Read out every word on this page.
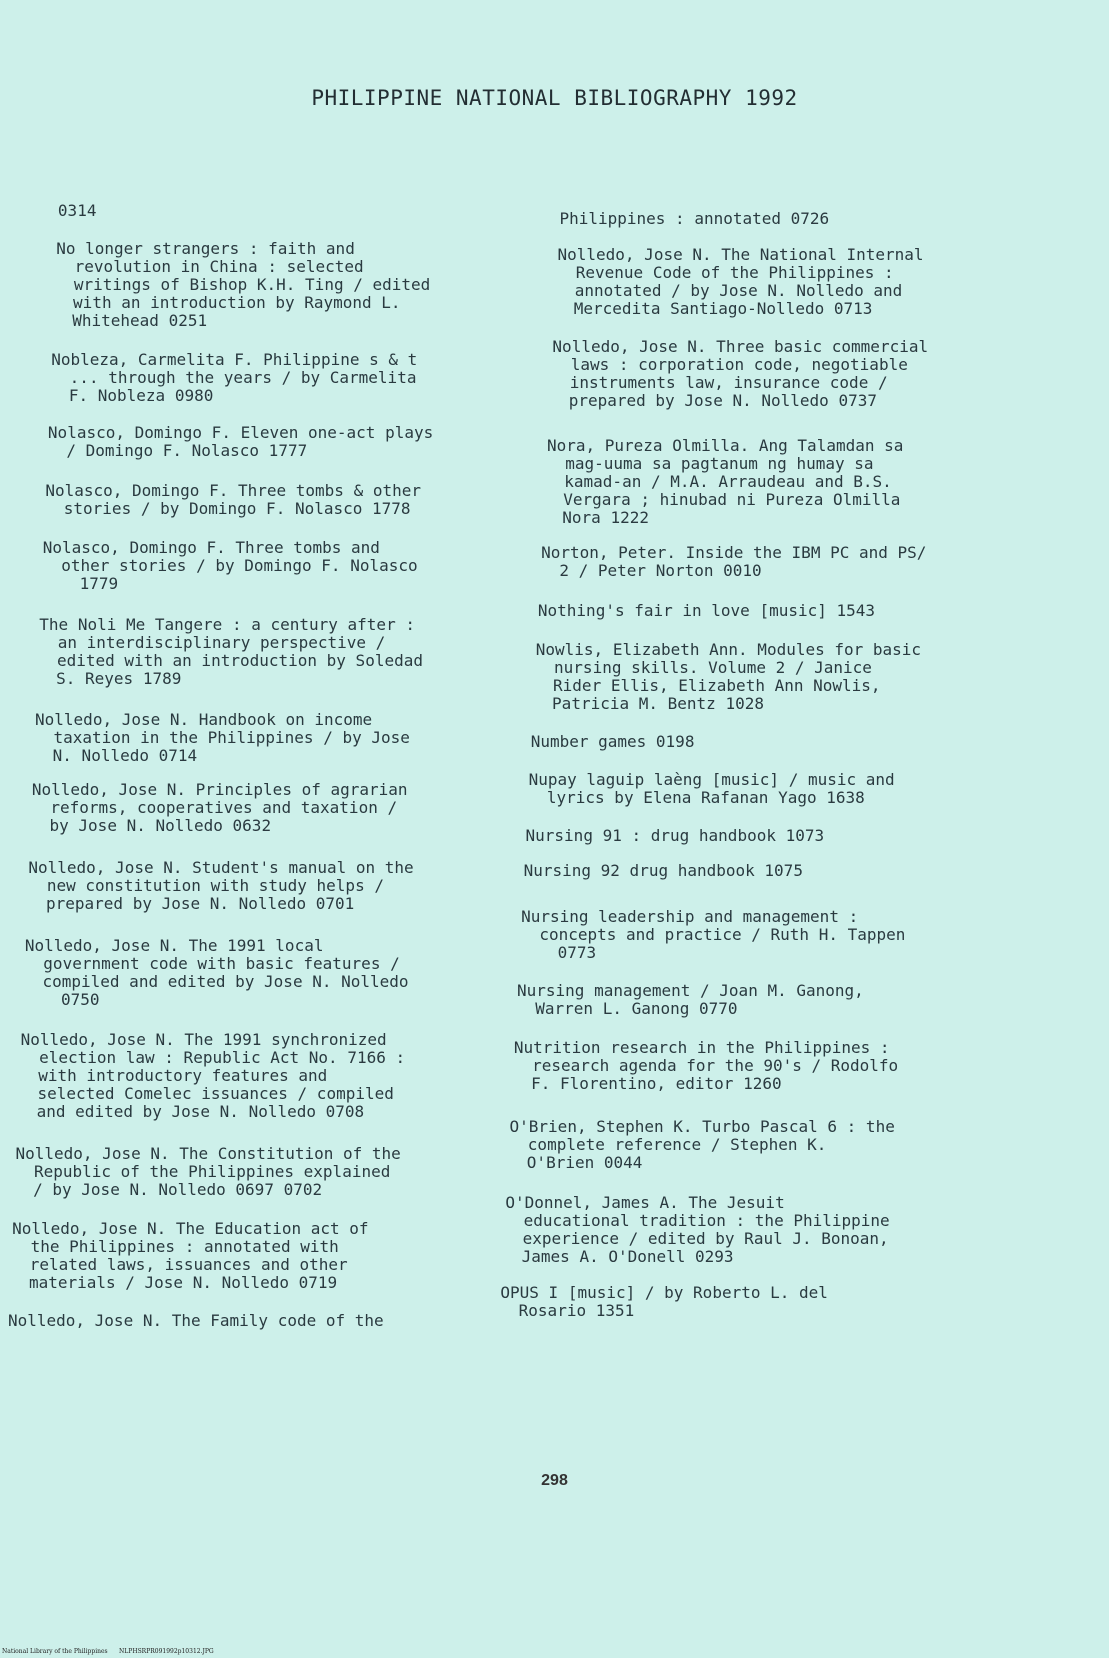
PHILIPPINE NATIONAL BIBLIOGRAPHY 1992
0314
No longer strangers : faith and
revolution in China : selected
writings of Bishop K.H. Ting / edited
with an introduction by Raymond L.
Whitehead 0251
Nobleza, Carmelita F. Philippine s & t
... through the years / by Carmelita
F. Nobleza 0980
Nolasco, Domingo F. Eleven one-act plays
/ Domingo F. Nolasco 1777
Nolasco, Domingo F. Three tombs & other
stories / by Domingo F. Nolasco 1778
Nolasco, Domingo F. Three tombs and
other stories / by Domingo F. Nolasco
1779
The Noli Me Tangere : a century after :
an interdisciplinary perspective /
edited with an introduction by Soledad
S. Reyes 1789
Nolledo, Jose N. Handbook on income
taxation in the Philippines / by Jose
N. Nolledo 0714
Nolledo, Jose N. Principles of agrarian
reforms, cooperatives and taxation /
by Jose N. Nolledo 0632
Nolledo, Jose N. Student's manual on the
new constitution with study helps /
prepared by Jose N. Nolledo 0701
Nolledo, Jose N. The 1991 local
government code with basic features /
compiled and edited by Jose N. Nolledo
0750
Nolledo, Jose N. The 1991 synchronized
election law : Republic Act No. 7166 :
with introductory features and
selected Comelec issuances / compiled
and edited by Jose N. Nolledo 0708
Nolledo, Jose N. The Constitution of the
Republic of the Philippines explained
/ by Jose N. Nolledo 0697 0702
Nolledo, Jose N. The Education act of
the Philippines : annotated with
related laws, issuances and other
materials / Jose N. Nolledo 0719
Nolledo, Jose N. The Family code of the
Philippines : annotated 0726
Nolledo, Jose N. The National Internal
Revenue Code of the Philippines :
annotated / by Jose N. Nolledo and
Mercedita Santiago-Nolledo 0713
Nolledo, Jose N. Three basic commercial
laws : corporation code, negotiable
instruments law, insurance code /
prepared by Jose N. Nolledo 0737
Nora, Pureza Olmilla. Ang Talamdan sa
mag-uuma sa pagtanum ng humay sa
kamad-an / M.A. Arraudeau and B.S.
Vergara ; hinubad ni Pureza Olmilla
Nora 1222
Norton, Peter. Inside the IBM PC and PS/
2 / Peter Norton 0010
Nothing's fair in love [music] 1543
Nowlis, Elizabeth Ann. Modules for basic
nursing skills. Volume 2 / Janice
Rider Ellis, Elizabeth Ann Nowlis,
Patricia M. Bentz 1028
Number games 0198
Nupay laguip laèng [music] / music and
lyrics by Elena Rafanan Yago 1638
Nursing 91 : drug handbook 1073
Nursing 92 drug handbook 1075
Nursing leadership and management :
concepts and practice / Ruth H. Tappen
0773
Nursing management / Joan M. Ganong,
Warren L. Ganong 0770
Nutrition research in the Philippines :
research agenda for the 90's / Rodolfo
F. Florentino, editor 1260
O'Brien, Stephen K. Turbo Pascal 6 : the
complete reference / Stephen K.
O'Brien 0044
O'Donnel, James A. The Jesuit
educational tradition : the Philippine
experience / edited by Raul J. Bonoan,
James A. O'Donell 0293
OPUS I [music] / by Roberto L. del
Rosario 1351
298
National Library of the Philippines      NLPHSRPR091992p10312.JPG
